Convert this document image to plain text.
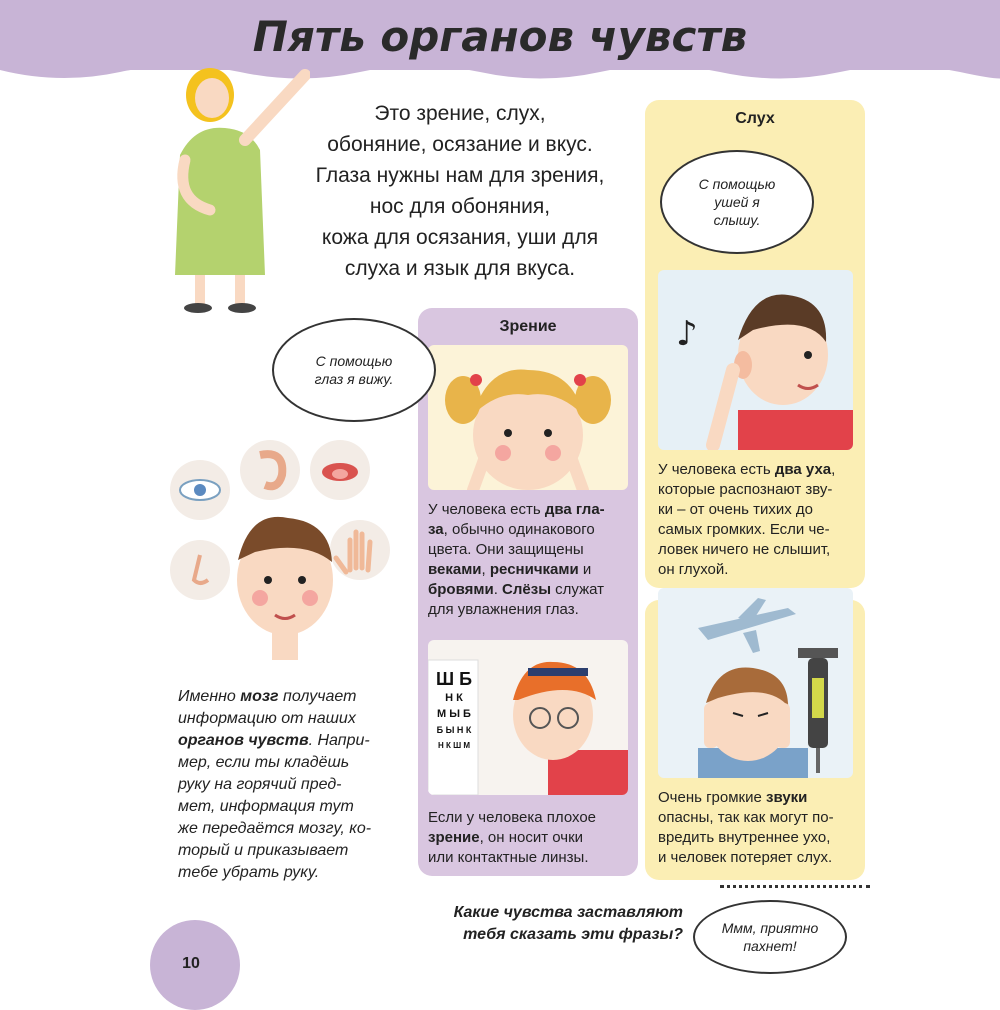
Пять органов чувств
Это зрение, слух,
обоняние, осязание и вкус.
Глаза нужны нам для зрения,
нос для обоняния,
кожа для осязания, уши для
слуха и язык для вкуса.
Слух
С помощью ушей я слышу.
♪
У человека есть два уха,
которые распознают зву-
ки – от очень тихих до
самых громких. Если че-
ловек ничего не слышит,
он глухой.
Очень громкие звуки
опасны, так как могут по-
вредить внутреннее ухо,
и человек потеряет слух.
Зрение
У человека есть два гла-
за, обычно одинакового
цвета. Они защищены
веками, ресничками и
бровями. Слёзы служат
для увлажнения глаз.
Ш Б
Н К
М Ы Б
Б Ы Н К
Н К Ш М
Если у человека плохое
зрение, он носит очки
или контактные линзы.
С помощью глаз я вижу.
Именно мозг получает
информацию от наших
органов чувств. Напри-
мер, если ты кладёшь
руку на горячий пред-
мет, информация тут
же передаётся мозгу, ко-
торый и приказывает
тебе убрать руку.
Какие чувства заставляют тебя сказать эти фразы?	Ммм, приятно пахнет!
10
